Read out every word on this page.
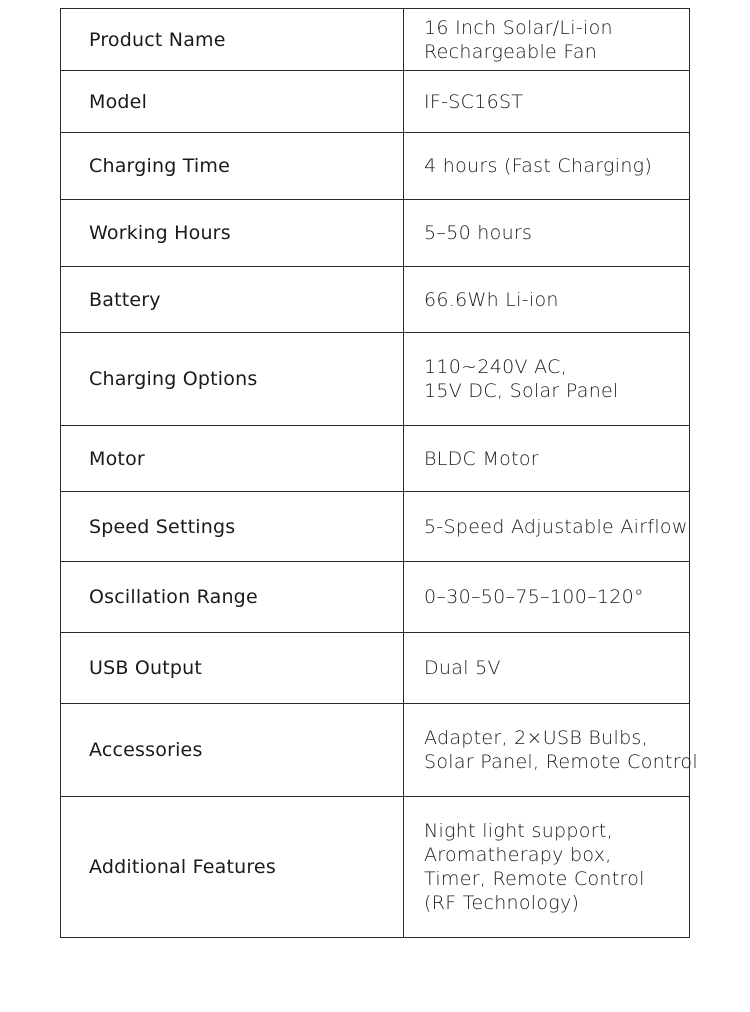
Product Name	16 Inch Solar/Li-ion
Rechargeable Fan

Model	IF-SC16ST

Charging Time	4 hours (Fast Charging)

Working Hours	5–50 hours

Battery	66.6Wh Li-ion

Charging Options	110~240V AC,
15V DC, Solar Panel

Motor	BLDC Motor

Speed Settings	5-Speed Adjustable Airflow

Oscillation Range	0–30–50–75–100–120°

USB Output	Dual 5V

Accessories	Adapter, 2×USB Bulbs,
Solar Panel, Remote Control

Additional Features	Night light support,
Aromatherapy box,
Timer, Remote Control
(RF Technology)
